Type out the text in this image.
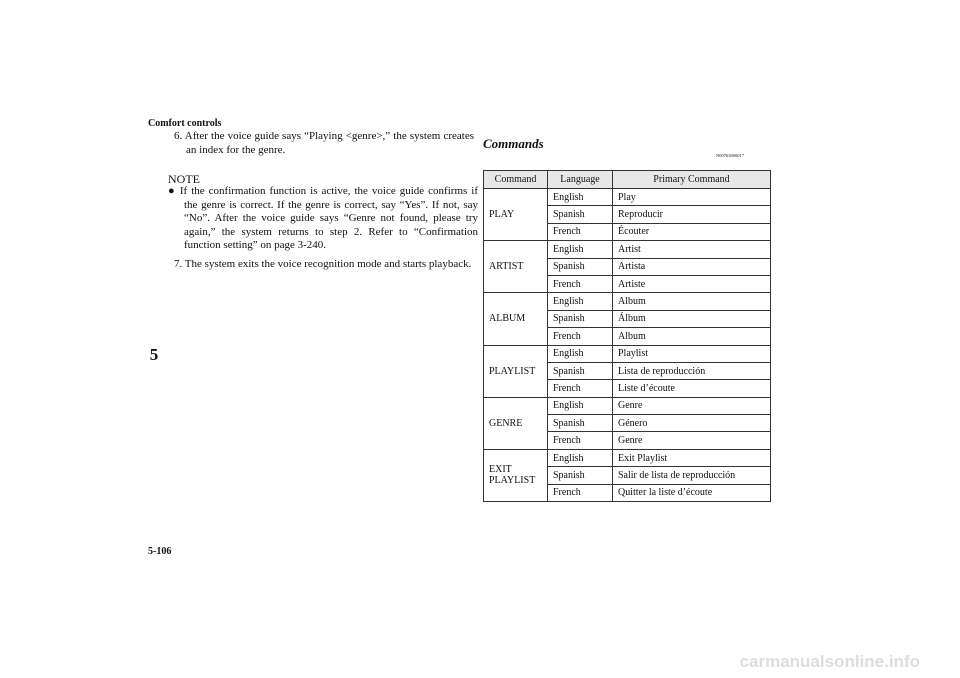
Comfort controls
5
5-106
6. After the voice guide says “Playing <genre>,” the system creates an index for the genre.
NOTE
● If the confirmation function is active, the voice guide confirms if the genre is correct. If the genre is correct, say “Yes”. If not, say “No”. After the voice guide says “Genre not found, please try again,” the system returns to step 2. Refer to “Confirmation function setting” on page 3-240.
7. The system exits the voice recognition mode and starts playback.
Commands
N00763800017
Command	Language	Primary Command
PLAY	English	Play
	Spanish	Reproducir
	French	Écouter
ARTIST	English	Artist
	Spanish	Artista
	French	Artiste
ALBUM	English	Album
	Spanish	Álbum
	French	Album
PLAYLIST	English	Playlist
	Spanish	Lista de reproducción
	French	Liste d’écoute
GENRE	English	Genre
	Spanish	Género
	French	Genre
EXIT PLAYLIST	English	Exit Playlist
	Spanish	Salir de lista de reproducción
	French	Quitter la liste d’écoute
carmanualsonline.info
